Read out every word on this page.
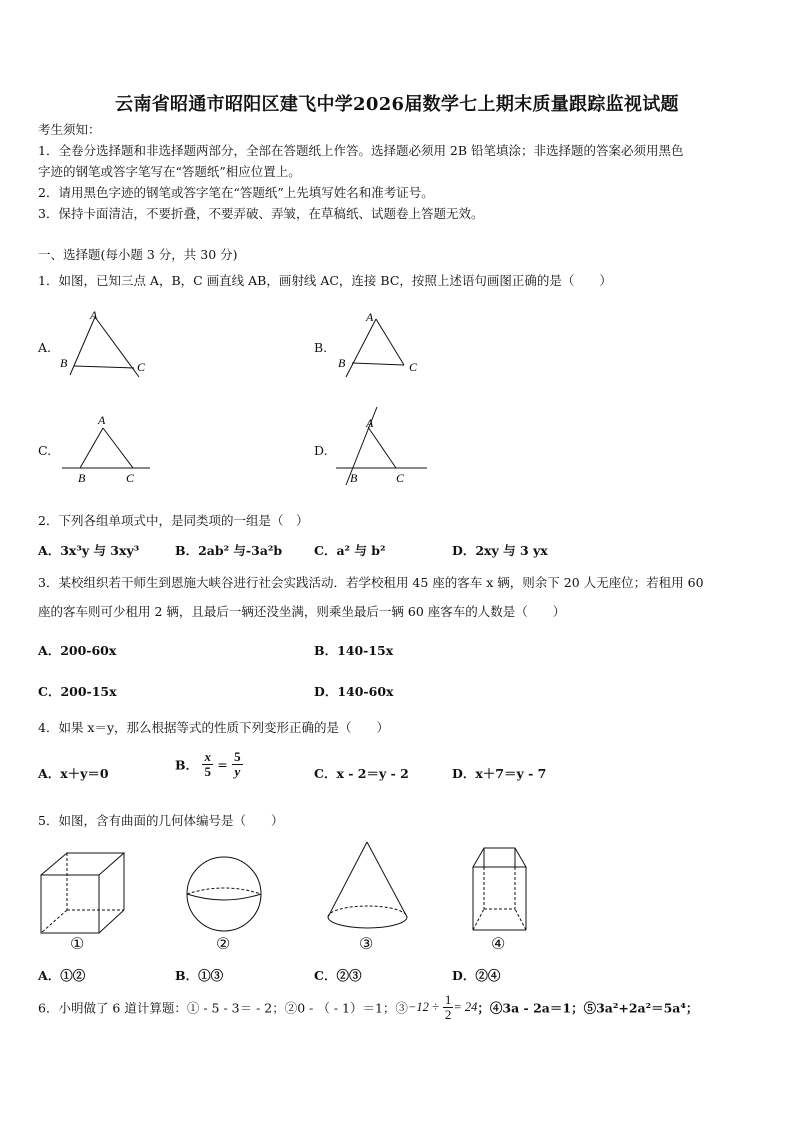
云南省昭通市昭阳区建飞中学2026届数学七上期末质量跟踪监视试题
考生须知：
1．全卷分选择题和非选择题两部分，全部在答题纸上作答。选择题必须用 2B 铅笔填涂；非选择题的答案必须用黑色
字迹的钢笔或答字笔写在“答题纸”相应位置上。
2．请用黑色字迹的钢笔或答字笔在“答题纸”上先填写姓名和准考证号。
3．保持卡面清洁，不要折叠，不要弄破、弄皱，在草稿纸、试题卷上答题无效。
一、选择题(每小题 3 分，共 30 分)
1．如图，已知三点 A，B，C 画直线 AB，画射线 AC，连接 BC，按照上述语句画图正确的是（　　）
A.
A
B	C
B.
A
B	C
C.
A
B	C
D.
A
B	C
2．下列各组单项式中，是同类项的一组是（　）
A．3x³y 与 3xy³	B．2ab² 与-3a²b	C．a² 与 b²	D．2xy 与 3 yx
3．某校组织若干师生到恩施大峡谷进行社会实践活动．若学校租用 45 座的客车 x 辆，则余下 20 人无座位；若租用 60
座的客车则可少租用 2 辆，且最后一辆还没坐满，则乘坐最后一辆 60 座客车的人数是（　　）
A．200-60x	B．140-15x
C．200-15x	D．140-60x
4．如果 x＝y，那么根据等式的性质下列变形正确的是（　　）
A．x＋y＝0
B． $\frac{x}{5} = \frac{5}{y}$	C．x - 2＝y - 2	D．x＋7＝y - 7
5．如图，含有曲面的几何体编号是（　　）
①	②	③	④
A．①②	B．①③	C．②③	D．②④
6．小明做了 6 道计算题：① - 5 - 3＝ - 2；②0 - （ - 1）＝1；③−12 ÷ $\frac{1}{2} = 24$；④3a - 2a＝1；⑤3a²+2a²＝5a⁴；
